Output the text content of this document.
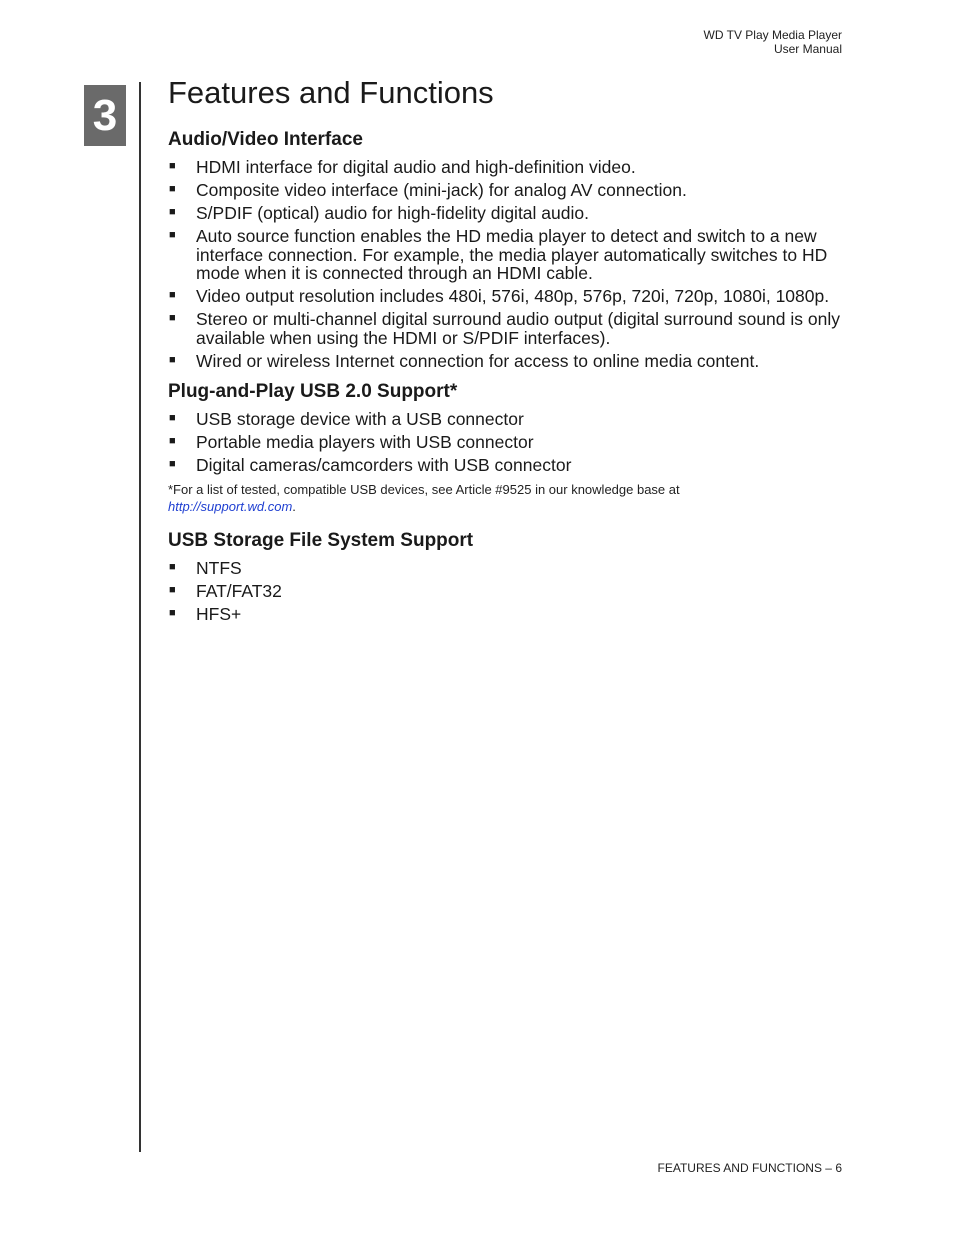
WD TV Play Media Player
User Manual
3 Features and Functions
Audio/Video Interface
■ HDMI interface for digital audio and high-definition video.
■ Composite video interface (mini-jack) for analog AV connection.
■ S/PDIF (optical) audio for high-fidelity digital audio.
■ Auto source function enables the HD media player to detect and switch to a new interface connection. For example, the media player automatically switches to HD mode when it is connected through an HDMI cable.
■ Video output resolution includes 480i, 576i, 480p, 576p, 720i, 720p, 1080i, 1080p.
■ Stereo or multi-channel digital surround audio output (digital surround sound is only available when using the HDMI or S/PDIF interfaces).
■ Wired or wireless Internet connection for access to online media content.
Plug-and-Play USB 2.0 Support*
■ USB storage device with a USB connector
■ Portable media players with USB connector
■ Digital cameras/camcorders with USB connector
*For a list of tested, compatible USB devices, see Article #9525 in our knowledge base at
http://support.wd.com.
USB Storage File System Support
■ NTFS
■ FAT/FAT32
■ HFS+
FEATURES AND FUNCTIONS – 6
